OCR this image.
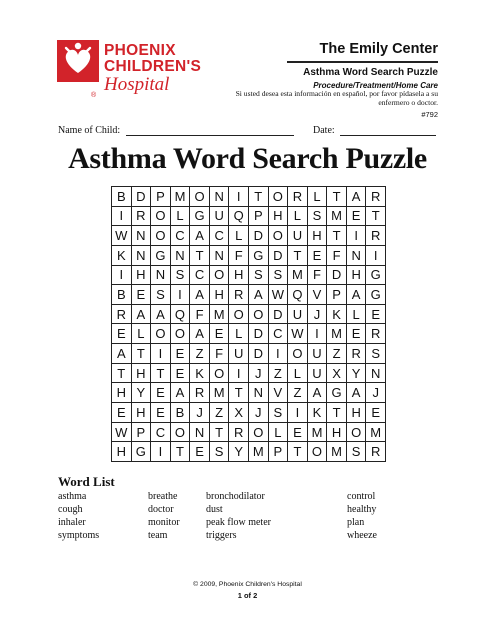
PHOENIX
CHILDREN'S
Hospital
®
The Emily Center
Asthma Word Search Puzzle
Procedure/Treatment/Home Care
Si usted desea esta información en español, por favor pídasela a su enfermero o doctor.
#792
Name of Child:	Date:
Asthma Word Search Puzzle
B D P M O N	I	T O R L T A R
I	R O L G U Q P H L S M E T
W N O C A C L D O U H T	I	R
K N G N T N F G D T E F N	I
I	H N S C O H S S M F D H G
B E S	I	A H R A W Q V P A G
R A A Q F M O O D U J K L E
E L O O A E L D C W I M E R
A T	I	E Z F U D	I O U Z R S
T H T E K O I	J Z L U X Y N
H Y E A R M T N V Z A G A J
E H E B J Z X J S	I	K T H E
W P C O N T R O L E M H O M
H G I	T E S Y M P T O M S R
Word List
asthma	breathe	bronchodilator	control
cough	doctor	dust	healthy
inhaler	monitor	peak flow meter	plan
symptoms	team	triggers	wheeze
© 2009, Phoenix Children's Hospital
1 of 2
